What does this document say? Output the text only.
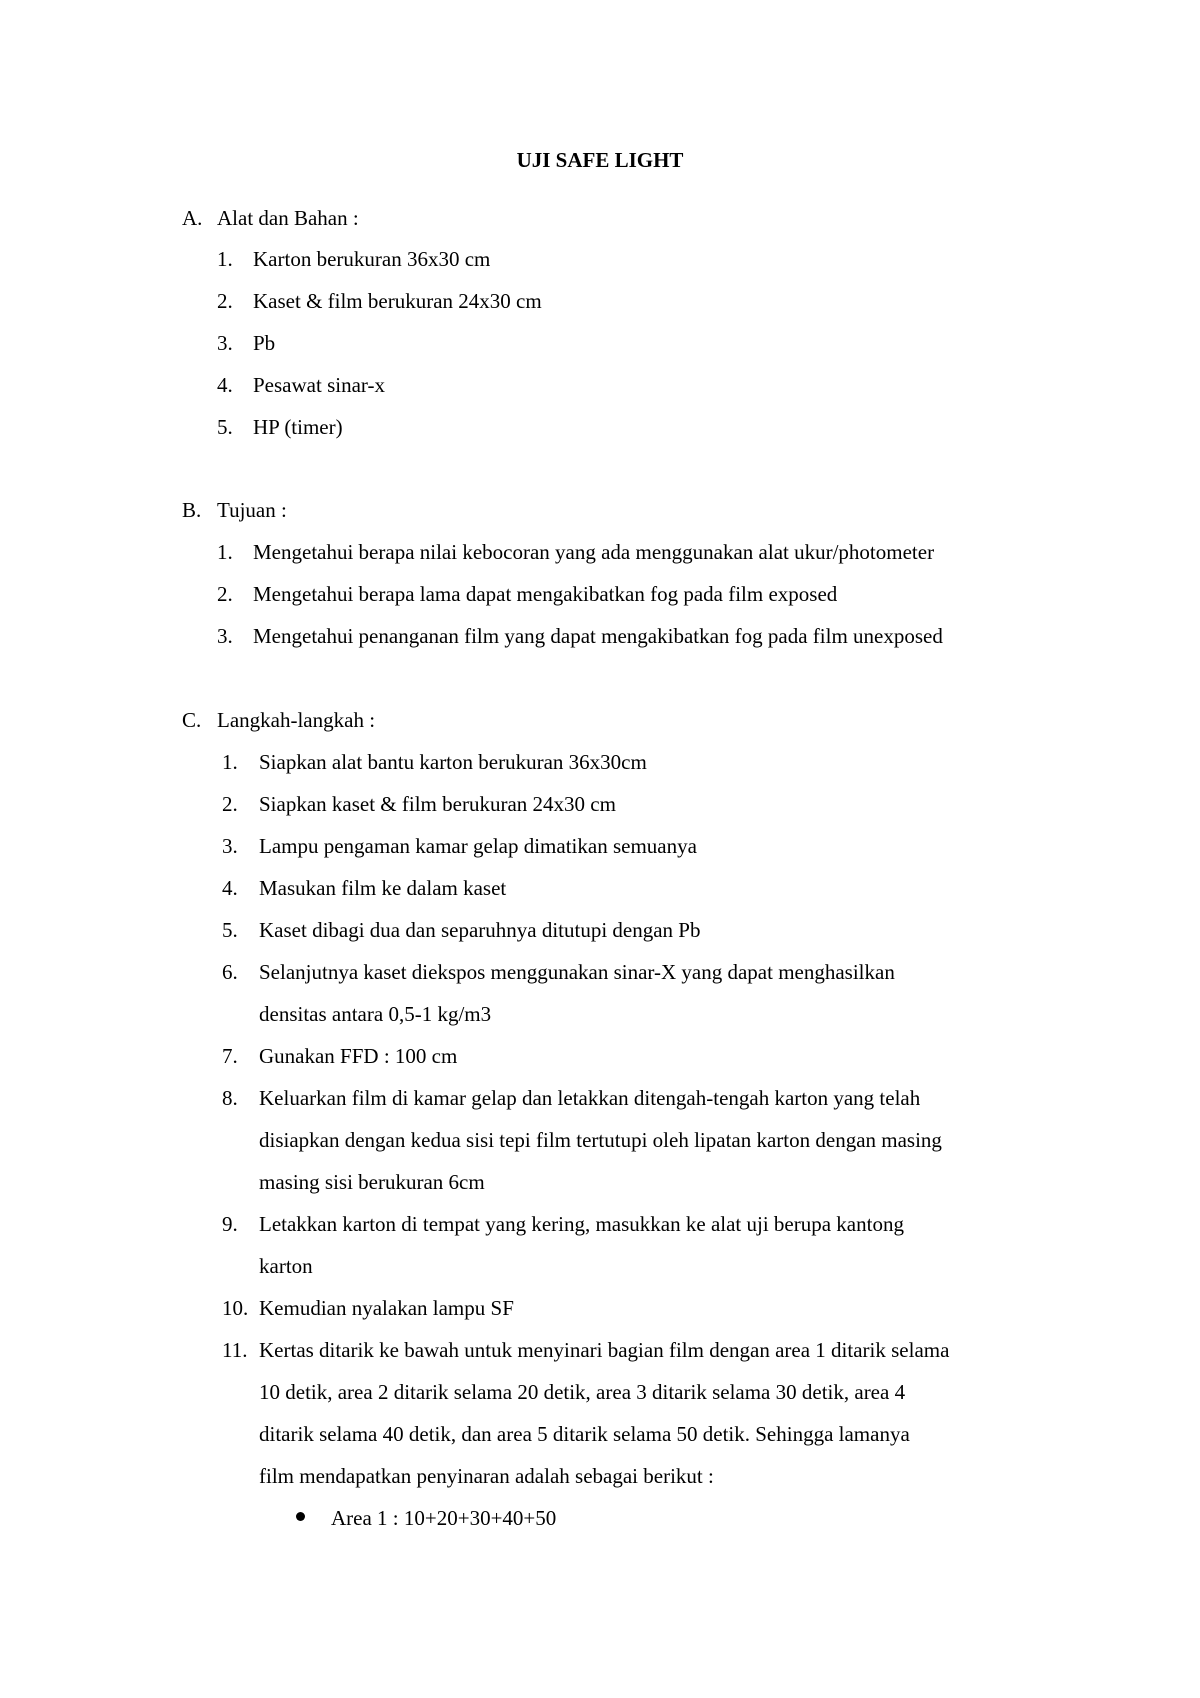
UJI SAFE LIGHT
A. Alat dan Bahan :
1. Karton berukuran 36x30 cm
2. Kaset & film berukuran 24x30 cm
3. Pb
4. Pesawat sinar-x
5. HP (timer)
B. Tujuan :
1. Mengetahui berapa nilai kebocoran yang ada menggunakan alat ukur/photometer
2. Mengetahui berapa lama dapat mengakibatkan fog pada film exposed
3. Mengetahui penanganan film yang dapat mengakibatkan fog pada film unexposed
C. Langkah-langkah :
1. Siapkan alat bantu karton berukuran 36x30cm
2. Siapkan kaset & film berukuran 24x30 cm
3. Lampu pengaman kamar gelap dimatikan semuanya
4. Masukan film ke dalam kaset
5. Kaset dibagi dua dan separuhnya ditutupi dengan Pb
6. Selanjutnya kaset diekspos menggunakan sinar-X yang dapat menghasilkan
densitas antara 0,5-1 kg/m3
7. Gunakan FFD : 100 cm
8. Keluarkan film di kamar gelap dan letakkan ditengah-tengah karton yang telah
disiapkan dengan kedua sisi tepi film tertutupi oleh lipatan karton dengan masing
masing sisi berukuran 6cm
9. Letakkan karton di tempat yang kering, masukkan ke alat uji berupa kantong
karton
10. Kemudian nyalakan lampu SF
11. Kertas ditarik ke bawah untuk menyinari bagian film dengan area 1 ditarik selama
10 detik, area 2 ditarik selama 20 detik, area 3 ditarik selama 30 detik, area 4
ditarik selama 40 detik, dan area 5 ditarik selama 50 detik. Sehingga lamanya
film mendapatkan penyinaran adalah sebagai berikut :
Area 1 : 10+20+30+40+50
